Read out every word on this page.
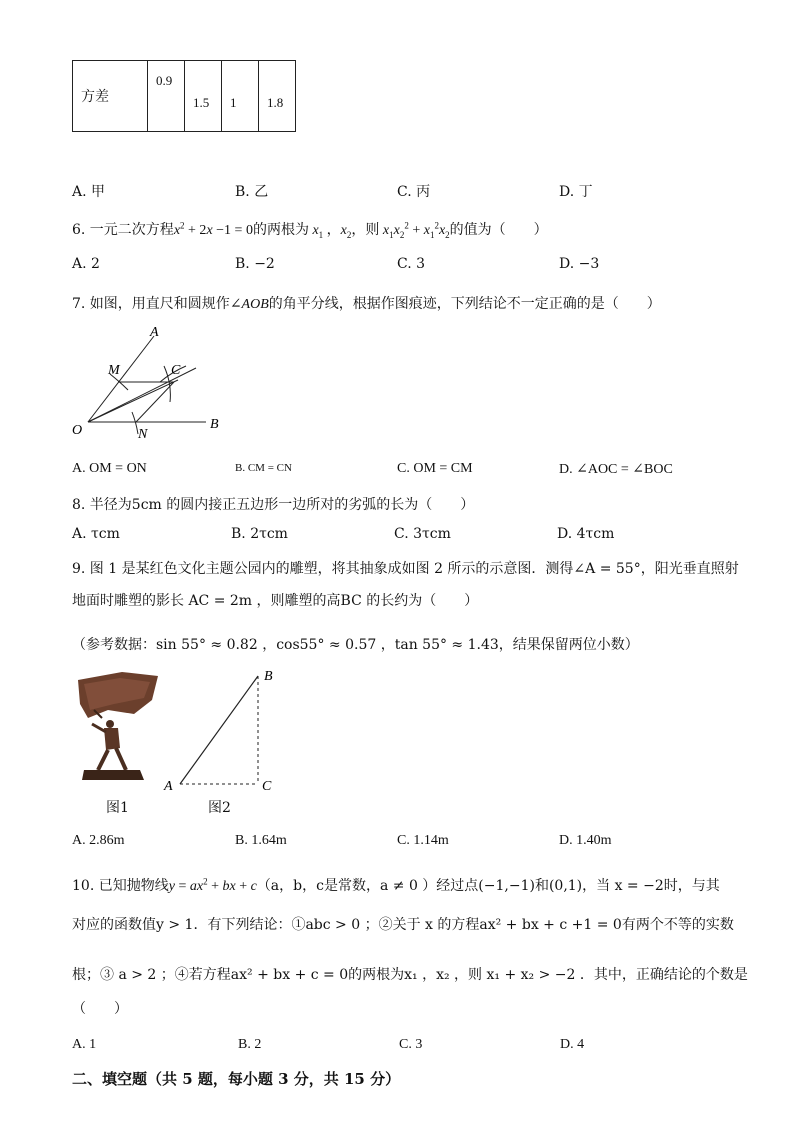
方差	0.9	1.5	1	1.8
A. 甲	B. 乙	C. 丙	D. 丁
6. 一元二次方程$x^2 + 2x -1 = 0$的两根为 $x_1$ ，$x_2$，则 $x_1x_2^2 + x_1^2x_2$的值为（　　）
A. 2	B. −2	C. 3	D. −3
7. 如图，用直尺和圆规作∠AOB的角平分线，根据作图痕迹，下列结论不一定正确的是（　　）
A
M	C
O	N
B
A. OM = ON	B. CM = CN	C. OM = CM	D. ∠AOC = ∠BOC
8. 半径为5cm 的圆内接正五边形一边所对的劣弧的长为（　　）
A. τcm	B. 2τcm	C. 3τcm	D. 4τcm
9. 图 1 是某红色文化主题公园内的雕塑，将其抽象成如图 2 所示的示意图．测得∠A = 55°，阳光垂直照射
地面时雕塑的影长 AC = 2m ，则雕塑的高BC 的长约为（　　）
（参考数据：sin 55° ≈ 0.82 ，cos55° ≈ 0.57 ，tan 55° ≈ 1.43，结果保留两位小数）
图1
A
B
C
图2
A. 2.86m	B. 1.64m	C. 1.14m	D. 1.40m
10. 已知抛物线$y = ax^2$ + bx + c（a，b，c是常数，a ≠ 0 ）经过点(−1,−1)和(0,1)，当 x = −2时，与其
对应的函数值y > 1．有下列结论：①abc > 0 ；②关于 x 的方程ax² + bx + c +1 = 0有两个不等的实数
根；③ a > 2 ；④若方程ax² + bx + c = 0的两根为x₁ ，x₂ ，则 x₁ + x₂ > −2 ．其中，正确结论的个数是
（　　）
A. 1	B. 2	C. 3	D. 4
二、填空题（共 5 题，每小题 3 分，共 15 分）
